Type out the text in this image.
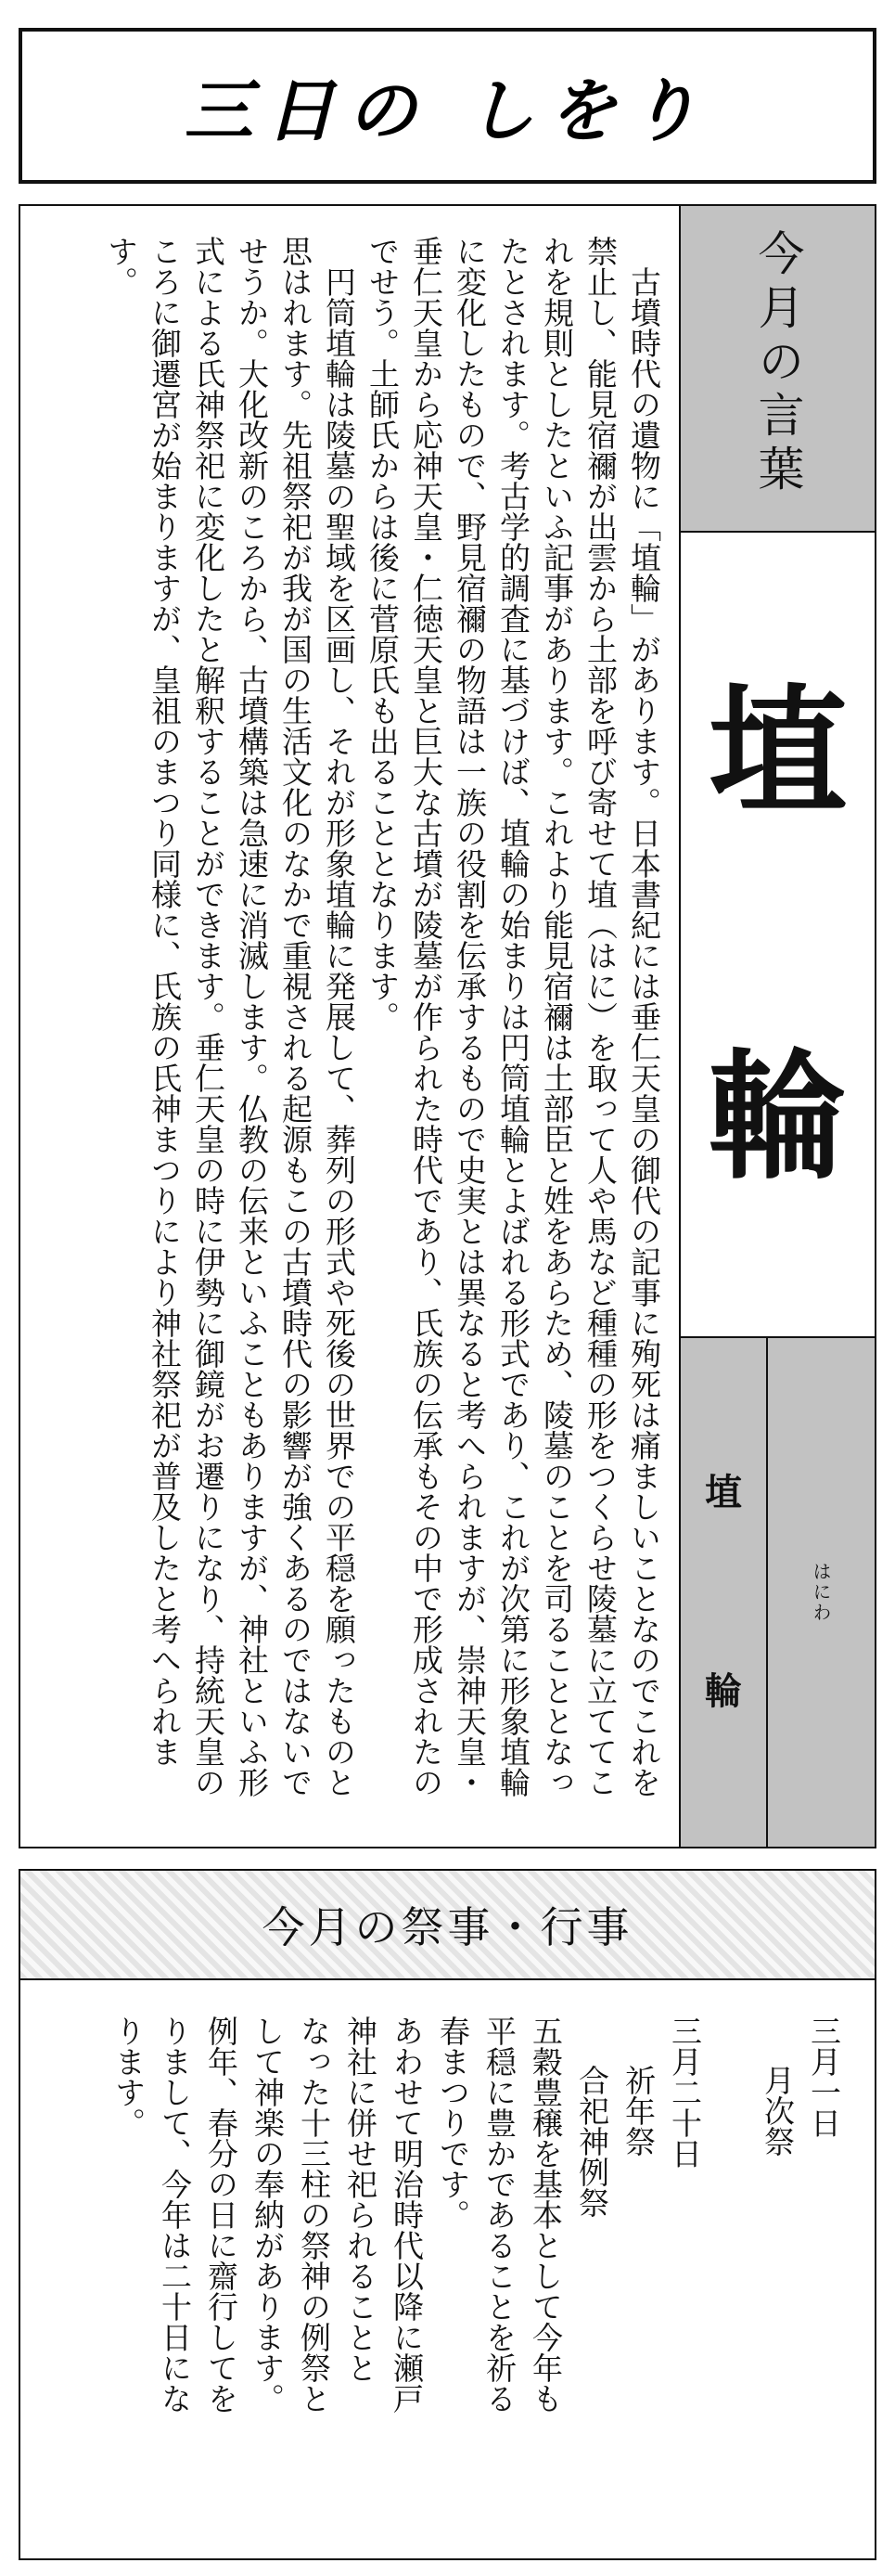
三日の しをり

古墳時代の遺物に「埴輪」があります。日本書紀には垂仁天皇の御代の記事に殉死は痛ましいことなのでこれを禁止し、能見宿禰が出雲から土部を呼び寄せて埴（はに）を取って人や馬など種種の形をつくらせ陵墓に立ててこれを規則としたといふ記事があります。これより能見宿禰は土部臣と姓をあらため、陵墓のことを司ることとなったとされます。考古学的調査に基づけば、埴輪の始まりは円筒埴輪とよばれる形式であり、これが次第に形象埴輪に変化したもので、野見宿禰の物語は一族の役割を伝承するもので史実とは異なると考へられますが、崇神天皇・垂仁天皇から応神天皇・仁徳天皇と巨大な古墳が陵墓が作られた時代であり、氏族の伝承もその中で形成されたのでせう。土師氏からは後に菅原氏も出ることとなります。

円筒埴輪は陵墓の聖域を区画し、それが形象埴輪に発展して、葬列の形式や死後の世界での平穏を願ったものと思はれます。先祖祭祀が我が国の生活文化のなかで重視される起源もこの古墳時代の影響が強くあるのではないでせうか。大化改新のころから、古墳構築は急速に消滅します。仏教の伝来といふこともありますが、神社といふ形式による氏神祭祀に変化したと解釈することができます。垂仁天皇の時に伊勢に御鏡がお遷りになり、持統天皇のころに御遷宮が始まりますが、皇祖のまつり同様に、氏族の氏神まつりにより神社祭祀が普及したと考へられます。	今月の言葉
埴
輪
埴
輪
はにわ
今月の祭事・行事
三月一日
月次祭

三月二十日
祈年祭
合祀神例祭
五穀豊穣を基本として今年も
平穏に豊かであることを祈る
春まつりです。
あわせて明治時代以降に瀬戸
神社に併せ祀られることと
なった十三柱の祭神の例祭と
して神楽の奉納があります。
例年、春分の日に齋行してを
りまして、今年は二十日にな
ります。
